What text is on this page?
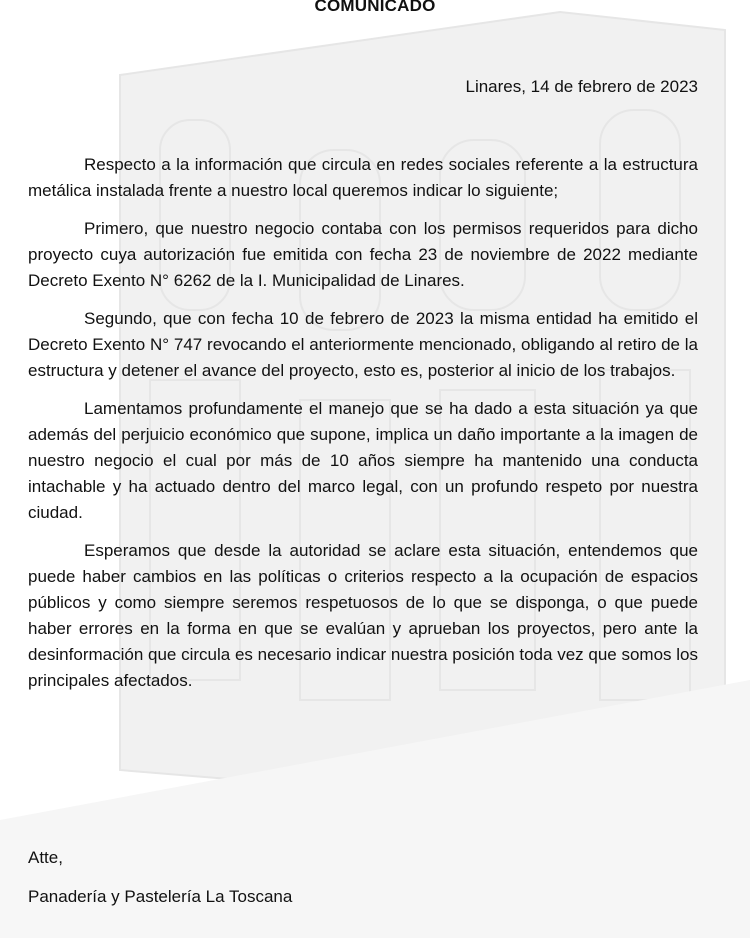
COMUNICADO
Linares, 14 de febrero de 2023

Respecto a la información que circula en redes sociales referente a la estructura metálica instalada frente a nuestro local queremos indicar lo siguiente;

Primero, que nuestro negocio contaba con los permisos requeridos para dicho proyecto cuya autorización fue emitida con fecha 23 de noviembre de 2022 mediante Decreto Exento N° 6262 de la I. Municipalidad de Linares.

Segundo, que con fecha 10 de febrero de 2023 la misma entidad ha emitido el Decreto Exento N° 747 revocando el anteriormente mencionado, obligando al retiro de la estructura y detener el avance del proyecto, esto es, posterior al inicio de los trabajos.

Lamentamos profundamente el manejo que se ha dado a esta situación ya que además del perjuicio económico que supone, implica un daño importante a la imagen de nuestro negocio el cual por más de 10 años siempre ha mantenido una conducta intachable y ha actuado dentro del marco legal, con un profundo respeto por nuestra ciudad.

Esperamos que desde la autoridad se aclare esta situación, entendemos que puede haber cambios en las políticas o criterios respecto a la ocupación de espacios públicos y como siempre seremos respetuosos de lo que se disponga, o que puede haber errores en la forma en que se evalúan y aprueban los proyectos, pero ante la desinformación que circula es necesario indicar nuestra posición toda vez que somos los principales afectados.

Atte,
Panadería y Pastelería La Toscana
